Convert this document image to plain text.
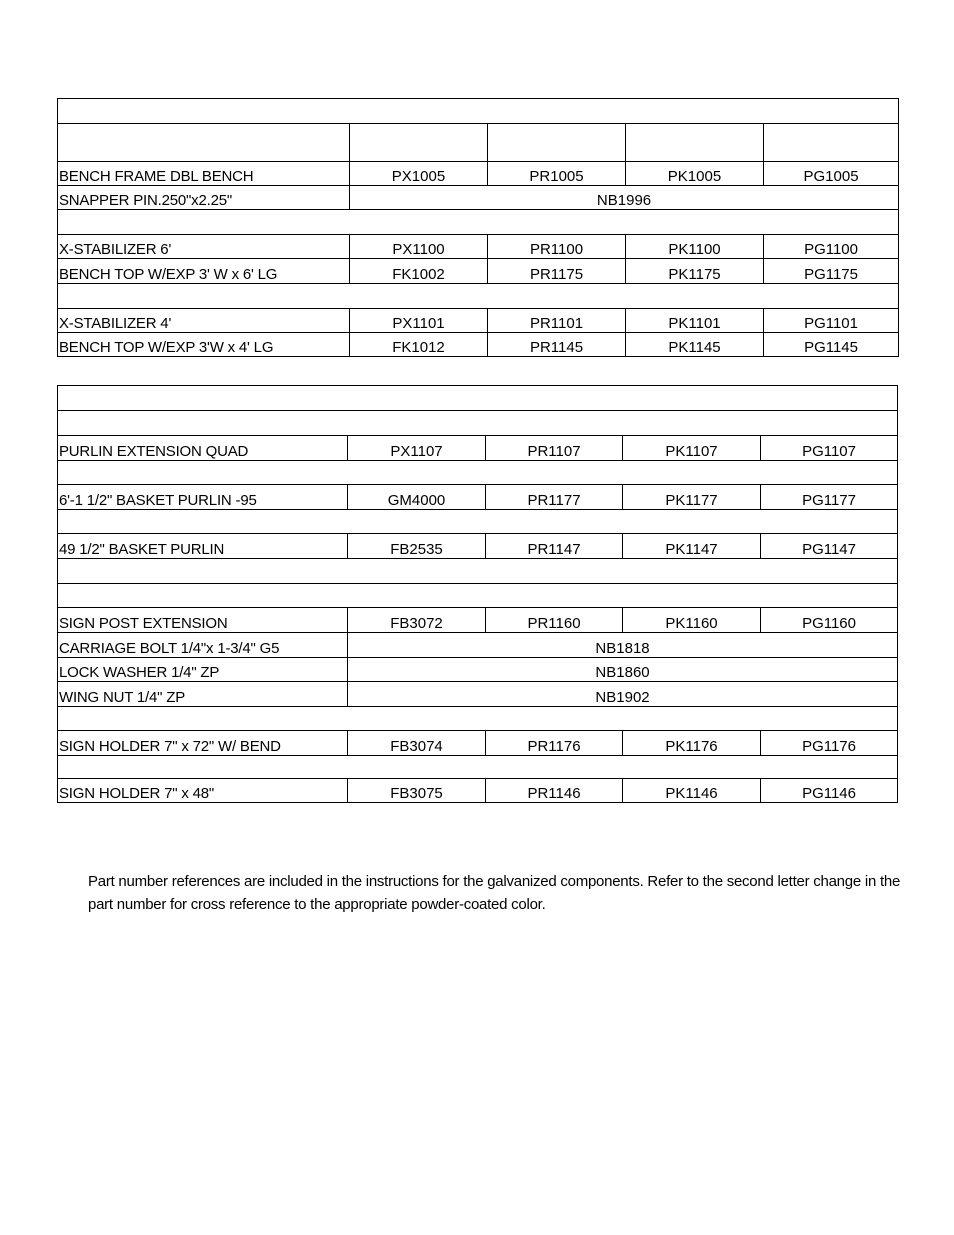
BENCH FRAME DBL BENCH	PX1005	PR1005	PK1005	PG1005
SNAPPER PIN.250"x2.25"	NB1996			

X-STABILIZER 6'	PX1100	PR1100	PK1100	PG1100
BENCH TOP W/EXP 3' W x 6' LG	FK1002	PR1175	PK1175	PG1175

X-STABILIZER 4'	PX1101	PR1101	PK1101	PG1101
BENCH TOP W/EXP 3'W x 4' LG	FK1012	PR1145	PK1145	PG1145

PURLIN EXTENSION QUAD	PX1107	PR1107	PK1107	PG1107

6'-1 1/2" BASKET PURLIN -95	GM4000	PR1177	PK1177	PG1177

49 1/2" BASKET PURLIN	FB2535	PR1147	PK1147	PG1147

SIGN POST EXTENSION	FB3072	PR1160	PK1160	PG1160
CARRIAGE BOLT 1/4"x 1-3/4" G5	NB1818			
LOCK WASHER 1/4" ZP	NB1860			
WING NUT 1/4" ZP	NB1902			

SIGN HOLDER 7" x 72" W/ BEND	FB3074	PR1176	PK1176	PG1176

SIGN HOLDER 7" x 48"	FB3075	PR1146	PK1146	PG1146

Part number references are included in the instructions for the galvanized components. Refer to the second letter change in the part number for cross reference to the appropriate powder-coated color.
